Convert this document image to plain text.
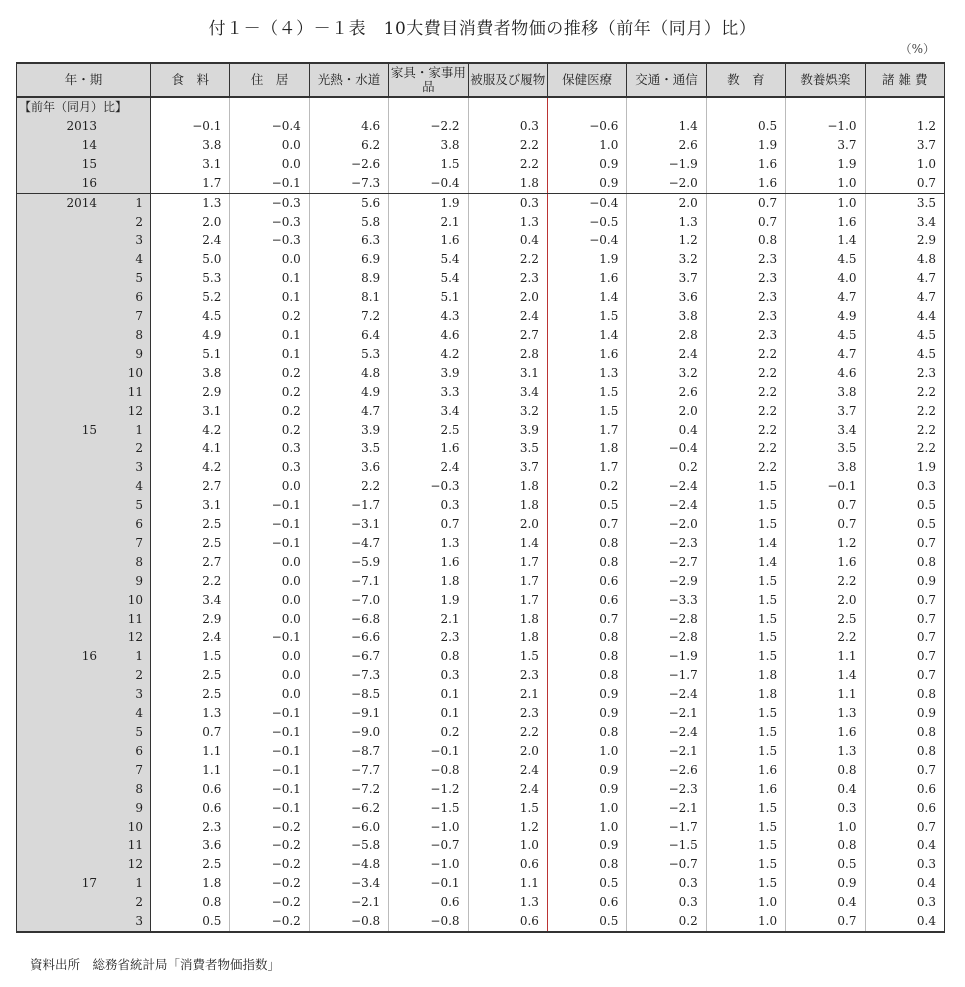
付１－（４）－１表　10大費目消費者物価の推移（前年（同月）比）
（%）
年・期	食　料	住　居	光熱・水道	家具・家事用品	被服及び履物	保健医療	交通・通信	教　育	教養娯楽	諸 雑 費
【前年（同月）比】										
2013	−0.1	−0.4	4.6	−2.2	0.3	−0.6	1.4	0.5	−1.0	1.2
14	3.8	0.0	6.2	3.8	2.2	1.0	2.6	1.9	3.7	3.7
15	3.1	0.0	−2.6	1.5	2.2	0.9	−1.9	1.6	1.9	1.0
16	1.7	−0.1	−7.3	−0.4	1.8	0.9	−2.0	1.6	1.0	0.7
2014 1	1.3	−0.3	5.6	1.9	0.3	−0.4	2.0	0.7	1.0	3.5
2	2.0	−0.3	5.8	2.1	1.3	−0.5	1.3	0.7	1.6	3.4
3	2.4	−0.3	6.3	1.6	0.4	−0.4	1.2	0.8	1.4	2.9
4	5.0	0.0	6.9	5.4	2.2	1.9	3.2	2.3	4.5	4.8
5	5.3	0.1	8.9	5.4	2.3	1.6	3.7	2.3	4.0	4.7
6	5.2	0.1	8.1	5.1	2.0	1.4	3.6	2.3	4.7	4.7
7	4.5	0.2	7.2	4.3	2.4	1.5	3.8	2.3	4.9	4.4
8	4.9	0.1	6.4	4.6	2.7	1.4	2.8	2.3	4.5	4.5
9	5.1	0.1	5.3	4.2	2.8	1.6	2.4	2.2	4.7	4.5
10	3.8	0.2	4.8	3.9	3.1	1.3	3.2	2.2	4.6	2.3
11	2.9	0.2	4.9	3.3	3.4	1.5	2.6	2.2	3.8	2.2
12	3.1	0.2	4.7	3.4	3.2	1.5	2.0	2.2	3.7	2.2
15 1	4.2	0.2	3.9	2.5	3.9	1.7	0.4	2.2	3.4	2.2
2	4.1	0.3	3.5	1.6	3.5	1.8	−0.4	2.2	3.5	2.2
3	4.2	0.3	3.6	2.4	3.7	1.7	0.2	2.2	3.8	1.9
4	2.7	0.0	2.2	−0.3	1.8	0.2	−2.4	1.5	−0.1	0.3
5	3.1	−0.1	−1.7	0.3	1.8	0.5	−2.4	1.5	0.7	0.5
6	2.5	−0.1	−3.1	0.7	2.0	0.7	−2.0	1.5	0.7	0.5
7	2.5	−0.1	−4.7	1.3	1.4	0.8	−2.3	1.4	1.2	0.7
8	2.7	0.0	−5.9	1.6	1.7	0.8	−2.7	1.4	1.6	0.8
9	2.2	0.0	−7.1	1.8	1.7	0.6	−2.9	1.5	2.2	0.9
10	3.4	0.0	−7.0	1.9	1.7	0.6	−3.3	1.5	2.0	0.7
11	2.9	0.0	−6.8	2.1	1.8	0.7	−2.8	1.5	2.5	0.7
12	2.4	−0.1	−6.6	2.3	1.8	0.8	−2.8	1.5	2.2	0.7
16 1	1.5	0.0	−6.7	0.8	1.5	0.8	−1.9	1.5	1.1	0.7
2	2.5	0.0	−7.3	0.3	2.3	0.8	−1.7	1.8	1.4	0.7
3	2.5	0.0	−8.5	0.1	2.1	0.9	−2.4	1.8	1.1	0.8
4	1.3	−0.1	−9.1	0.1	2.3	0.9	−2.1	1.5	1.3	0.9
5	0.7	−0.1	−9.0	0.2	2.2	0.8	−2.4	1.5	1.6	0.8
6	1.1	−0.1	−8.7	−0.1	2.0	1.0	−2.1	1.5	1.3	0.8
7	1.1	−0.1	−7.7	−0.8	2.4	0.9	−2.6	1.6	0.8	0.7
8	0.6	−0.1	−7.2	−1.2	2.4	0.9	−2.3	1.6	0.4	0.6
9	0.6	−0.1	−6.2	−1.5	1.5	1.0	−2.1	1.5	0.3	0.6
10	2.3	−0.2	−6.0	−1.0	1.2	1.0	−1.7	1.5	1.0	0.7
11	3.6	−0.2	−5.8	−0.7	1.0	0.9	−1.5	1.5	0.8	0.4
12	2.5	−0.2	−4.8	−1.0	0.6	0.8	−0.7	1.5	0.5	0.3
17 1	1.8	−0.2	−3.4	−0.1	1.1	0.5	0.3	1.5	0.9	0.4
2	0.8	−0.2	−2.1	0.6	1.3	0.6	0.3	1.0	0.4	0.3
3	0.5	−0.2	−0.8	−0.8	0.6	0.5	0.2	1.0	0.7	0.4
資料出所　総務省統計局「消費者物価指数」
